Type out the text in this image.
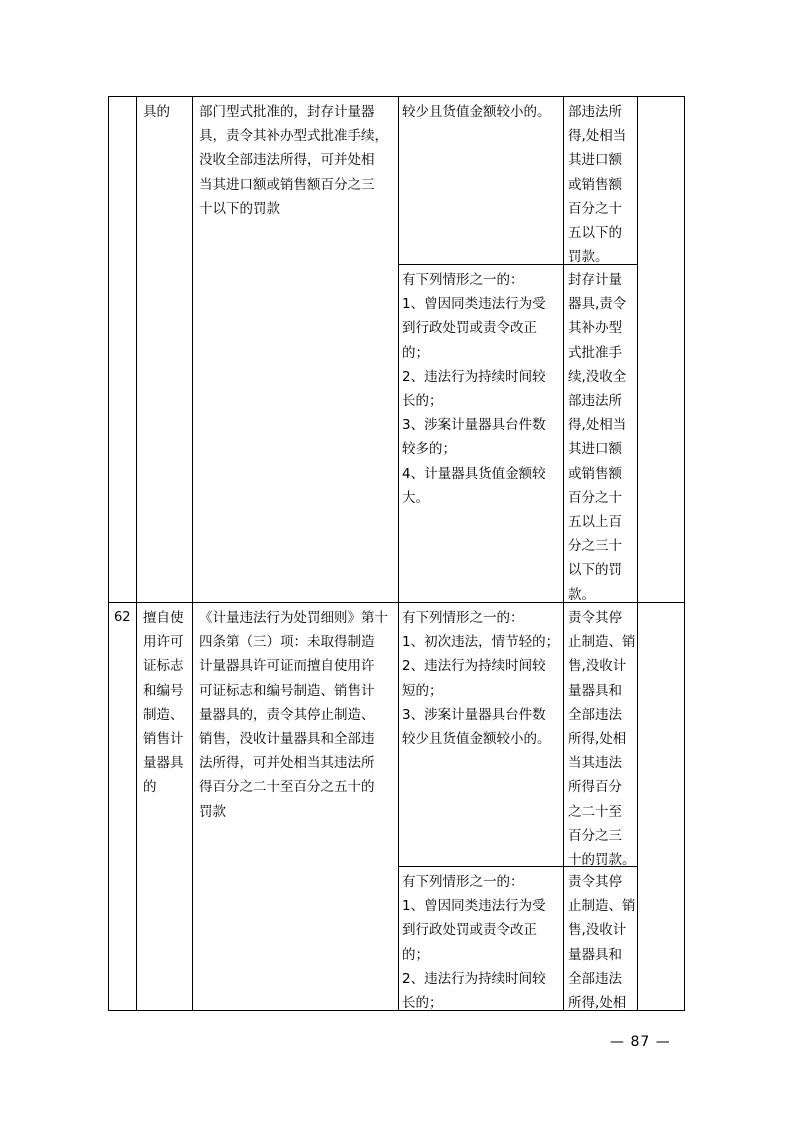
具的	部门型式批准的，封存计量器
具，责令其补办型式批准手续，
没收全部违法所得，可并处相
当其进口额或销售额百分之三
十以下的罚款
较少且货值金额较小的。	部违法所
得,处相当
其进口额
或销售额
百分之十
五以下的
罚款。
有下列情形之一的：
1、曾因同类违法行为受
到行政处罚或责令改正
的；
2、违法行为持续时间较
长的；
3、涉案计量器具台件数
较多的；
4、计量器具货值金额较
大。
封存计量
器具,责令
其补办型
式批准手
续,没收全
部违法所
得,处相当
其进口额
或销售额
百分之十
五以上百
分之三十
以下的罚
款。
62 擅自使
用许可
证标志
和编号
制造、
销售计
量器具
的
《计量违法行为处罚细则》第十
四条第（三）项：未取得制造
计量器具许可证而擅自使用许
可证标志和编号制造、销售计
量器具的，责令其停止制造、
销售，没收计量器具和全部违
法所得，可并处相当其违法所
得百分之二十至百分之五十的
罚款
有下列情形之一的：
1、初次违法，情节轻的；
2、违法行为持续时间较
短的；
3、涉案计量器具台件数
较少且货值金额较小的。
责令其停
止制造、销
售,没收计
量器具和
全部违法
所得,处相
当其违法
所得百分
之二十至
百分之三
十的罚款。
有下列情形之一的：
1、曾因同类违法行为受
到行政处罚或责令改正
的；
2、违法行为持续时间较
长的；
责令其停
止制造、销
售,没收计
量器具和
全部违法
所得,处相
— 87 —
